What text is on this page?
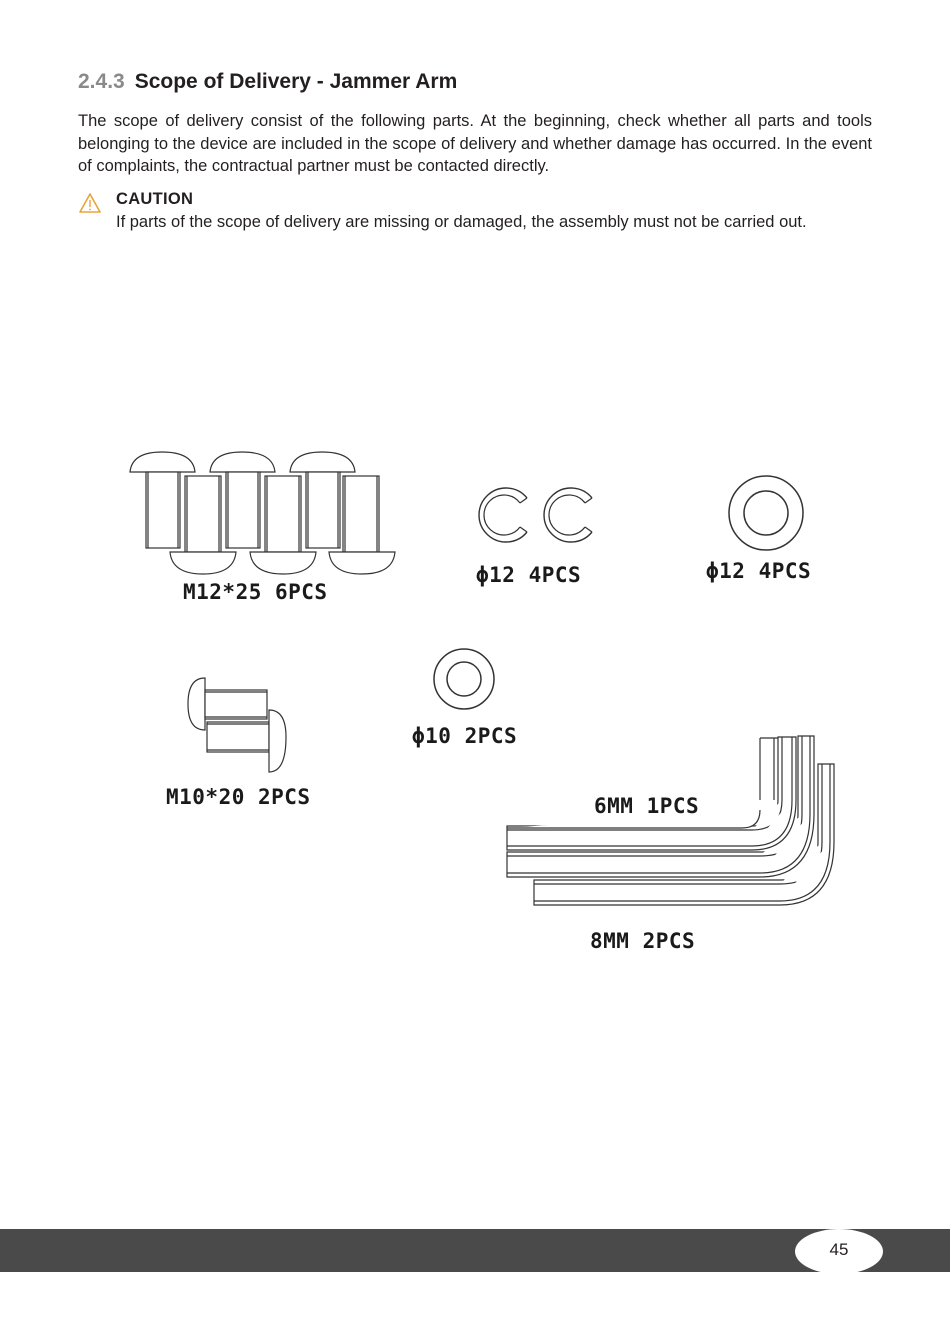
2.4.3 Scope of Delivery - Jammer Arm
The scope of delivery consist of the following parts. At the beginning, check whether all parts and tools belonging to the device are included in the scope of delivery and whether damage has occurred. In the event of complaints, the contractual partner must be contacted directly.
CAUTION
If parts of the scope of delivery are missing or damaged, the assembly must not be carried out.
M12*25 6PCS
ϕ12 4PCS	ϕ12 4PCS
M10*20 2PCS
ϕ10 2PCS
6MM 1PCS
8MM 2PCS
45
